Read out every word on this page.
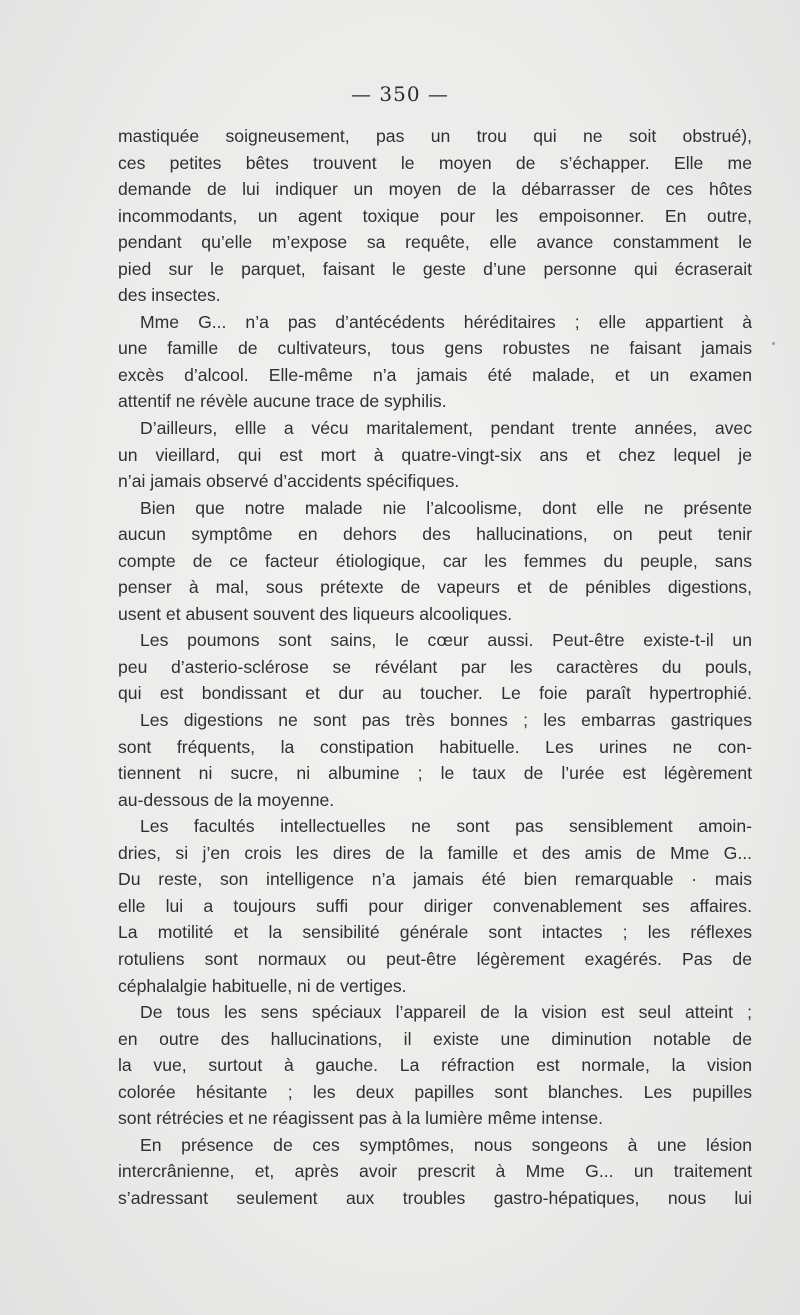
— 350 —
mastiquée soigneusement, pas un trou qui ne soit obstrué),
ces petites bêtes trouvent le moyen de s’échapper. Elle me
demande de lui indiquer un moyen de la débarrasser de ces hôtes
incommodants, un agent toxique pour les empoisonner. En outre,
pendant qu’elle m’expose sa requête, elle avance constamment le
pied sur le parquet, faisant le geste d’une personne qui écraserait
des insectes.
Mme G... n’a pas d’antécédents héréditaires ; elle appartient à
une famille de cultivateurs, tous gens robustes ne faisant jamais
excès d’alcool. Elle-même n’a jamais été malade, et un examen
attentif ne révèle aucune trace de syphilis.
D’ailleurs, ellle a vécu maritalement, pendant trente années, avec
un vieillard, qui est mort à quatre-vingt-six ans et chez lequel je
n’ai jamais observé d’accidents spécifiques.
Bien que notre malade nie l’alcoolisme, dont elle ne présente
aucun symptôme en dehors des hallucinations, on peut tenir
compte de ce facteur étiologique, car les femmes du peuple, sans
penser à mal, sous prétexte de vapeurs et de pénibles digestions,
usent et abusent souvent des liqueurs alcooliques.
Les poumons sont sains, le cœur aussi. Peut-être existe-t-il un
peu d’asterio-sclérose se révélant par les caractères du pouls,
qui est bondissant et dur au toucher. Le foie paraît hypertrophié.
Les digestions ne sont pas très bonnes ; les embarras gastriques
sont fréquents, la constipation habituelle. Les urines ne con-
tiennent ni sucre, ni albumine ; le taux de l’urée est légèrement
au-dessous de la moyenne.
Les facultés intellectuelles ne sont pas sensiblement amoin-
dries, si j’en crois les dires de la famille et des amis de Mme G...
Du reste, son intelligence n’a jamais été bien remarquable · mais
elle lui a toujours suffi pour diriger convenablement ses affaires.
La motilité et la sensibilité générale sont intactes ; les réflexes
rotuliens sont normaux ou peut-être légèrement exagérés. Pas de
céphalalgie habituelle, ni de vertiges.
De tous les sens spéciaux l’appareil de la vision est seul atteint ;
en outre des hallucinations, il existe une diminution notable de
la vue, surtout à gauche. La réfraction est normale, la vision
colorée hésitante ; les deux papilles sont blanches. Les pupilles
sont rétrécies et ne réagissent pas à la lumière même intense.
En présence de ces symptômes, nous songeons à une lésion
intercrânienne, et, après avoir prescrit à Mme G... un traitement
s’adressant seulement aux troubles gastro-hépatiques, nous lui
